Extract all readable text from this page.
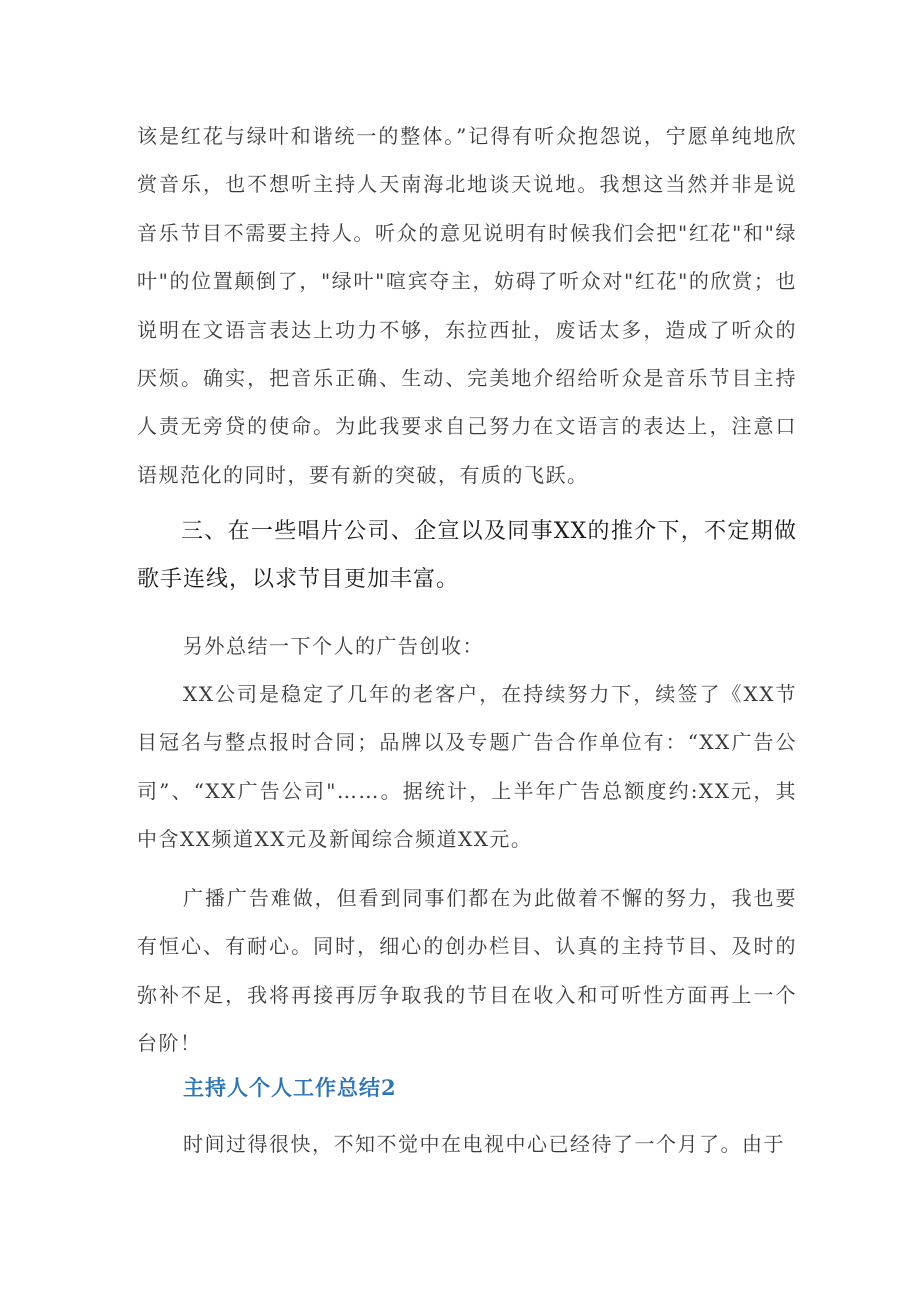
该是红花与绿叶和谐统一的整体。”记得有听众抱怨说，宁愿单纯地欣赏音乐，也不想听主持人天南海北地谈天说地。我想这当然并非是说音乐节目不需要主持人。听众的意见说明有时候我们会把"红花"和"绿叶"的位置颠倒了，"绿叶"喧宾夺主，妨碍了听众对"红花"的欣赏；也说明在文语言表达上功力不够，东拉西扯，废话太多，造成了听众的厌烦。确实，把音乐正确、生动、完美地介绍给听众是音乐节目主持人责无旁贷的使命。为此我要求自己努力在文语言的表达上，注意口语规范化的同时，要有新的突破，有质的飞跃。

三、在一些唱片公司、企宣以及同事XX的推介下，不定期做歌手连线，以求节目更加丰富。

另外总结一下个人的广告创收：

XX公司是稳定了几年的老客户，在持续努力下，续签了《XX节目冠名与整点报时合同；品牌以及专题广告合作单位有：“XX广告公司”、“XX广告公司"……。据统计，上半年广告总额度约:XX元，其中含XX频道XX元及新闻综合频道XX元。

广播广告难做，但看到同事们都在为此做着不懈的努力，我也要有恒心、有耐心。同时，细心的创办栏目、认真的主持节目、及时的弥补不足，我将再接再厉争取我的节目在收入和可听性方面再上一个台阶！

主持人个人工作总结2

时间过得很快，不知不觉中在电视中心已经待了一个月了。由于
